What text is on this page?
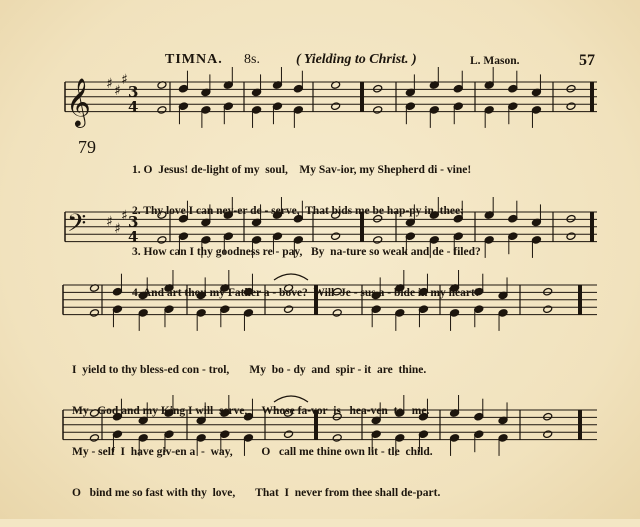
TIMNA. 8s.	( Yielding to Christ. )	L. Mason.	57
𝄞
𝄢
♯ ♯
♯
♯ ♯
♯
3
4
3
4
79

1. O  Jesus! de-light of my  soul,    My Sav-ior, my Shepherd di - vine!

2. Thy love I can nev-er de - serve,  That bids me be hap-py in  thee;

3. How can I thy goodness re - pay,   By  na-ture so weak and de - filed?

4. And art thou my Father a - bove?  Will  Je - sus a - bide in my heart?

I  yield to thy bless-ed con - trol,       My  bo - dy  and  spir - it  are  thine.

My   God and my King I will  serve,     Whose fa-vor  is   hea-ven  to   me.

My - self  I  have giv-en a  -  way,          O   call me thine own lit - tle  child.

O   bind me so fast with thy  love,       That  I  never from thee shall de-part.
